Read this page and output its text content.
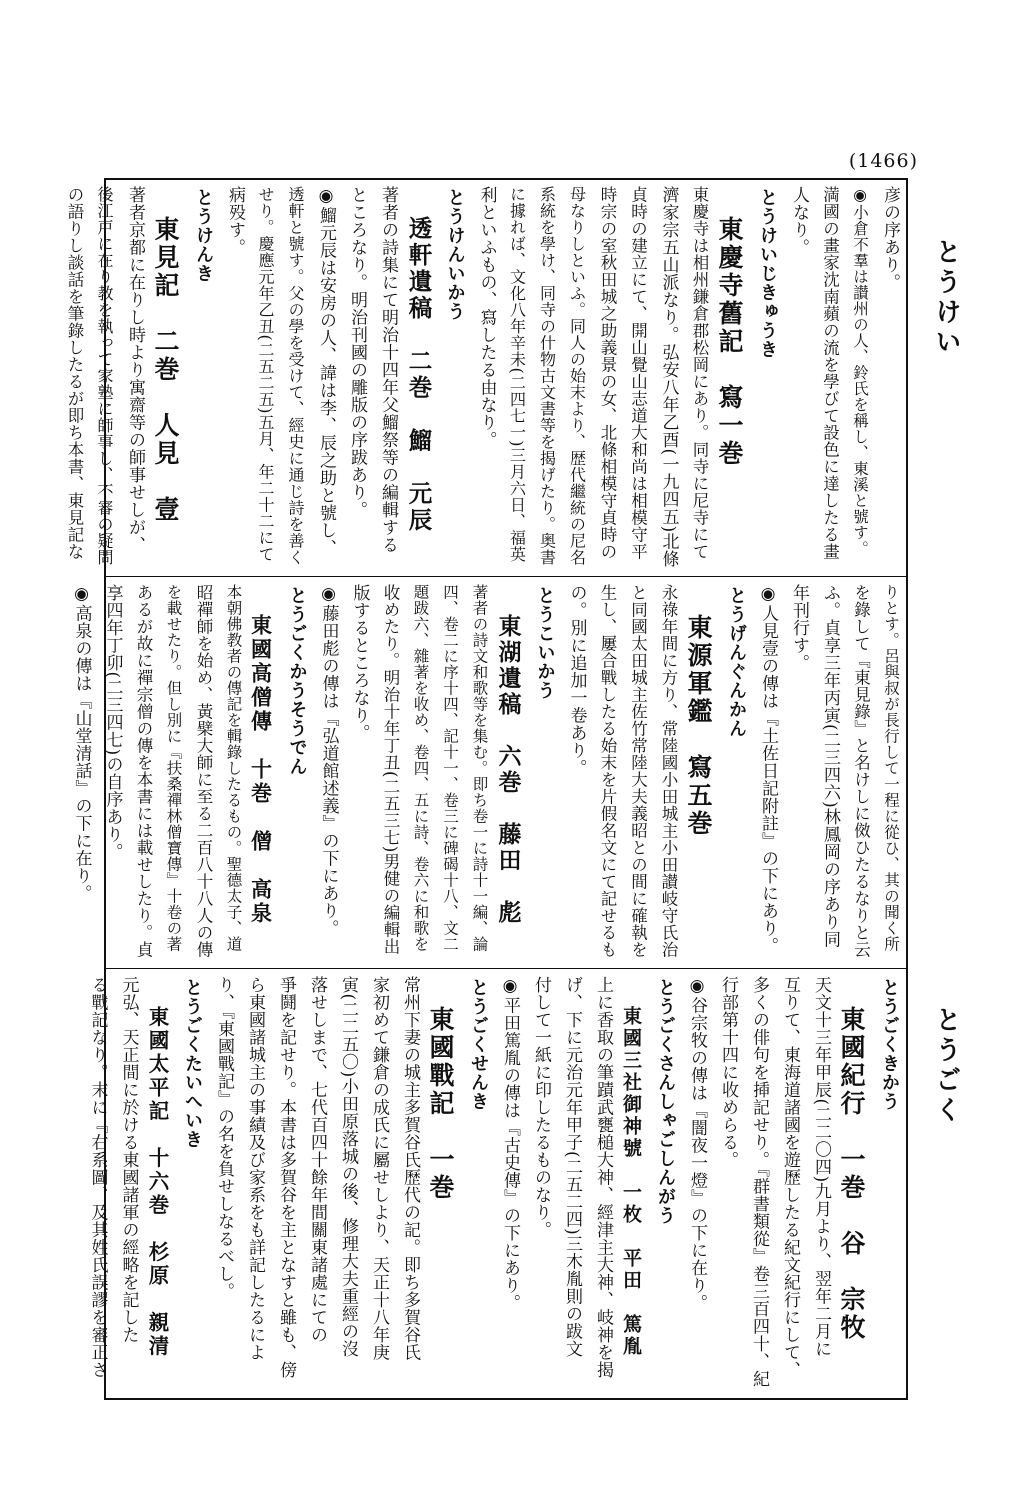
(1466)
とうけい
とうごく
彦の序あり。
◉小倉不羣は讃州の人、鈴氏を稱し、東溪と號す。
満國の畫家沈南蘋の流を學びて設色に達したる畫
人なり。
とうけいじきゅうき
東慶寺舊記　寫一巻
東慶寺は相州鎌倉郡松岡にあり。同寺に尼寺にて
濟家宗五山派なり。弘安八年乙酉(一九四五)北條
貞時の建立にて、開山覺山志道大和尚は相模守平
時宗の室秋田城之助義景の女、北條相模守貞時の
母なりしといふ。同人の始末より、歴代繼統の尼名
系統を學け、同寺の什物古文書等を揭げたり。奥書
に據れば、文化八年辛未(二四七一)三月六日、福英
利といふもの、寫したる由なり。
とうけんいかう
透軒遺稿　二巻　鰡　元辰
著者の詩集にて明治十四年父鰡祭等の編輯する
ところなり。明治刊國の雕版の序跋あり。
◉鰡元辰は安房の人、諱は李、辰之助と號し、
透軒と號す。父の學を受けて、經史に通じ詩を善く
せり。慶應元年乙丑(二五二五)五月、年二十二にて
病殁す。
とうけんき
東見記　二巻　人見　壹
著者京都に在りし時より寓齋等の師事せしが、
後江戸に在り教を執って家塾に師事し、不審の疑問
の語りし談話を筆錄したるが即ち本書、東見記な
りとす。呂與叔が長行して一程に從ひ、其の聞く所
を錄して『東見錄』と名けしに傚ひたるなりと云
ふ。貞享三年丙寅(二三四六)林鳳岡の序あり同
年刊行す。
◉人見壹の傳は『土佐日記附註』の下にあり。
とうげんぐんかん
東源軍鑑　寫五巻
永祿年間に方り、常陸國小田城主小田讃岐守氏治
と同國太田城主佐竹常陸大夫義昭との間に確執を
生し、屢合戰したる始末を片假名文にて記せるも
の。別に追加一卷あり。
とうこいかう
東湖遺稿　六巻　藤田　彪
著者の詩文和歌等を集む。即ち卷一に詩十一編、論
四、卷二に序十四、記十一、卷三に碑碣十八、文二
題跋六、雜著を收め、卷四、五に詩、卷六に和歌を
收めたり。明治十年丁丑(二五三七)男健の編輯出
版するところなり。
◉藤田彪の傳は『弘道館述義』の下にあり。
とうごくかうそうでん
東國高僧傳　十巻　僧　高泉
本朝佛教者の傳記を輯錄したるもの。聖德太子、道
昭禪師を始め、黃檗大師に至る二百八十八人の傳
を載せたり。但し別に『扶桑禪林僧寶傳』十卷の著
あるが故に禪宗僧の傳を本書には載せしたり。貞
享四年丁卯(二三四七)の自序あり。
◉高泉の傳は『山堂清話』の下に在り。
とうごくきかう
東國紀行　一巻　谷　宗牧
天文十三年甲辰(二二〇四)九月より、翌年二月に
互りて、東海道諸國を遊歷したる紀文紀行にして、
多くの俳句を揷記せり。『群書類從』卷三百四十、紀
行部第十四に收めらる。
◉谷宗牧の傳は『闇夜一燈』の下に在り。
とうごくさんしゃごしんがう
東國三社御神號　一枚　平田　篤胤
上に香取の筆蹟武甕槌大神、經津主大神、岐神を揭
げ、下に元治元年甲子(二五二四)三木胤則の跋文
付して一紙に印したるものなり。
◉平田篤胤の傳は『古史傳』の下にあり。
とうごくせんき
東國戰記　一巻
常州下妻の城主多賀谷氏歷代の記。即ち多賀谷氏
家初めて鎌倉の成氏に屬せしより、天正十八年庚
寅(二二五〇)小田原落城の後、修理大夫重經の沒
落せしまで、七代百四十餘年間關東諸處にての
爭鬪を記せり。本書は多賀谷を主となすと雖も、傍
ら東國諸城主の事績及び家系をも詳記したるによ
り、『東國戰記』の名を負せしなるべし。
とうごくたいへいき
東國太平記　十六巻　杉原　親清
元弘、天正間に於ける東國諸軍の經略を記した
る戰記なり。末に『右系圖、及其姓氏誤謬を審正さ
